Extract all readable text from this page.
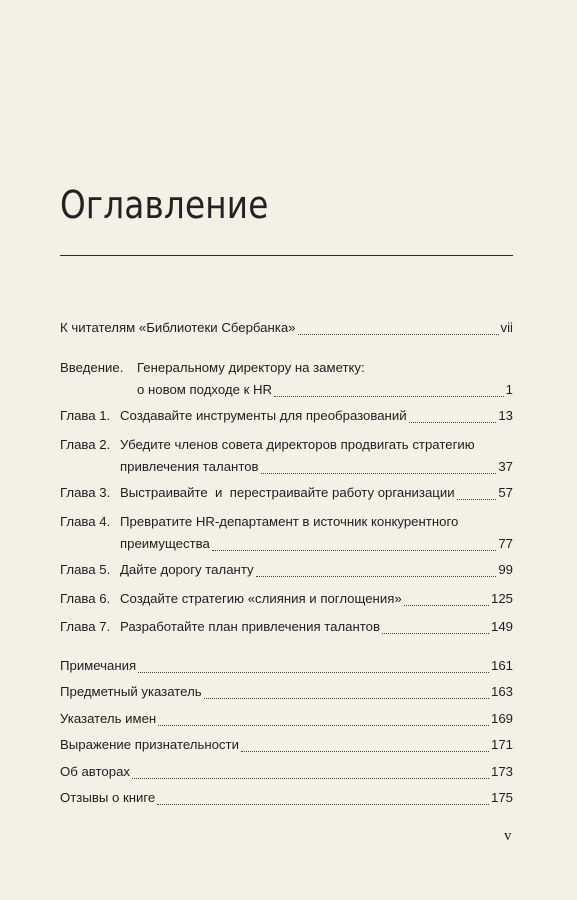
Оглавление
К читателям «Библиотеки Сбербанка»	vii
Введение.	Генеральному директору на заметку:
о новом подходе к HR	1
Глава 1. Создавайте инструменты для преобразований	13
Глава 2. Убедите членов совета директоров продвигать стратегию
привлечения талантов	37
Глава 3. Выстраивайте  и  перестраивайте работу организации	57
Глава 4. Превратите HR-департамент в источник конкурентного
преимущества	77
Глава 5. Дайте дорогу таланту	99
Глава 6. Создайте стратегию «слияния и поглощения»	125
Глава 7. Разработайте план привлечения талантов	149
Примечания	161
Предметный указатель	163
Указатель имен	169
Выражение признательности	171
Об авторах	173
Отзывы о книге	175
v
